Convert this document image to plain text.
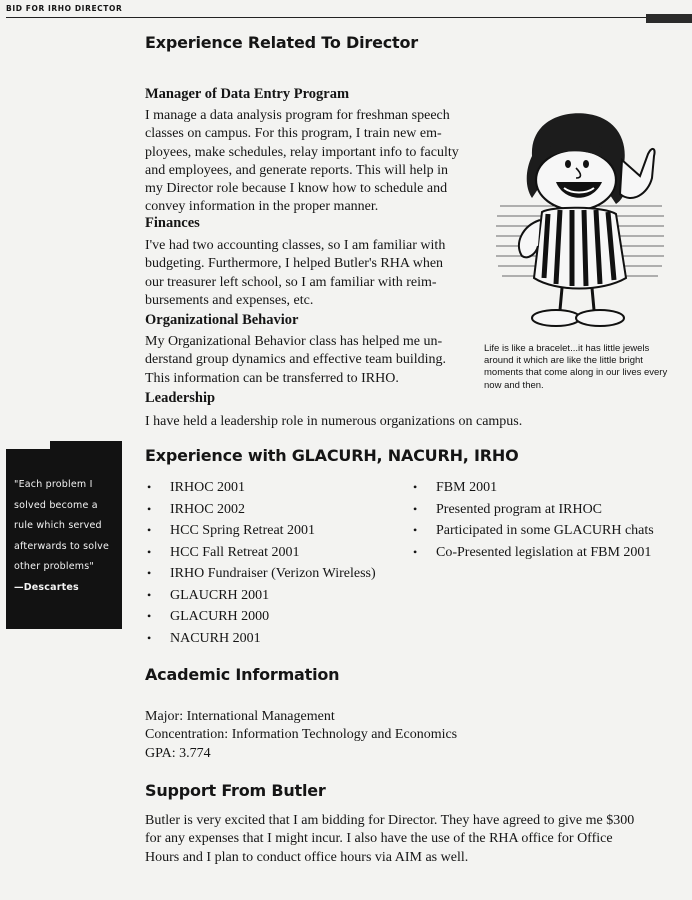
BID FOR IRHO DIRECTOR
Experience Related To Director
Manager of Data Entry Program
I manage a data analysis program for freshman speech
classes on campus. For this program, I train new em-
ployees, make schedules, relay important info to faculty
and employees, and generate reports. This will help in
my Director role because I know how to schedule and
convey information in the proper manner.
Finances
I've had two accounting classes, so I am familiar with
budgeting. Furthermore, I helped Butler's RHA when
our treasurer left school, so I am familiar with reim-
bursements and expenses, etc.
Organizational Behavior
My Organizational Behavior class has helped me un-
derstand group dynamics and effective team building.
This information can be transferred to IRHO.
Leadership
I have held a leadership role in numerous organizations on campus.
Life is like a bracelet...it has little jewels
around it which are like the little bright
moments that come along in our lives every
now and then.
"Each problem I
solved become a
rule which served
afterwards to solve
other problems"
—Descartes
Experience with GLACURH, NACURH, IRHO
• IRHOC 2001
• IRHOC 2002
• HCC Spring Retreat 2001
• HCC Fall Retreat 2001
• IRHO Fundraiser (Verizon Wireless)
• GLAUCRH 2001
• GLACURH 2000
• NACURH 2001
• FBM 2001
• Presented program at IRHOC
• Participated in some GLACURH chats
• Co-Presented legislation at FBM 2001
Academic Information
Major: International Management
Concentration: Information Technology and Economics
GPA: 3.774
Support From Butler
Butler is very excited that I am bidding for Director. They have agreed to give me $300
for any expenses that I might incur. I also have the use of the RHA office for Office
Hours and I plan to conduct office hours via AIM as well.
